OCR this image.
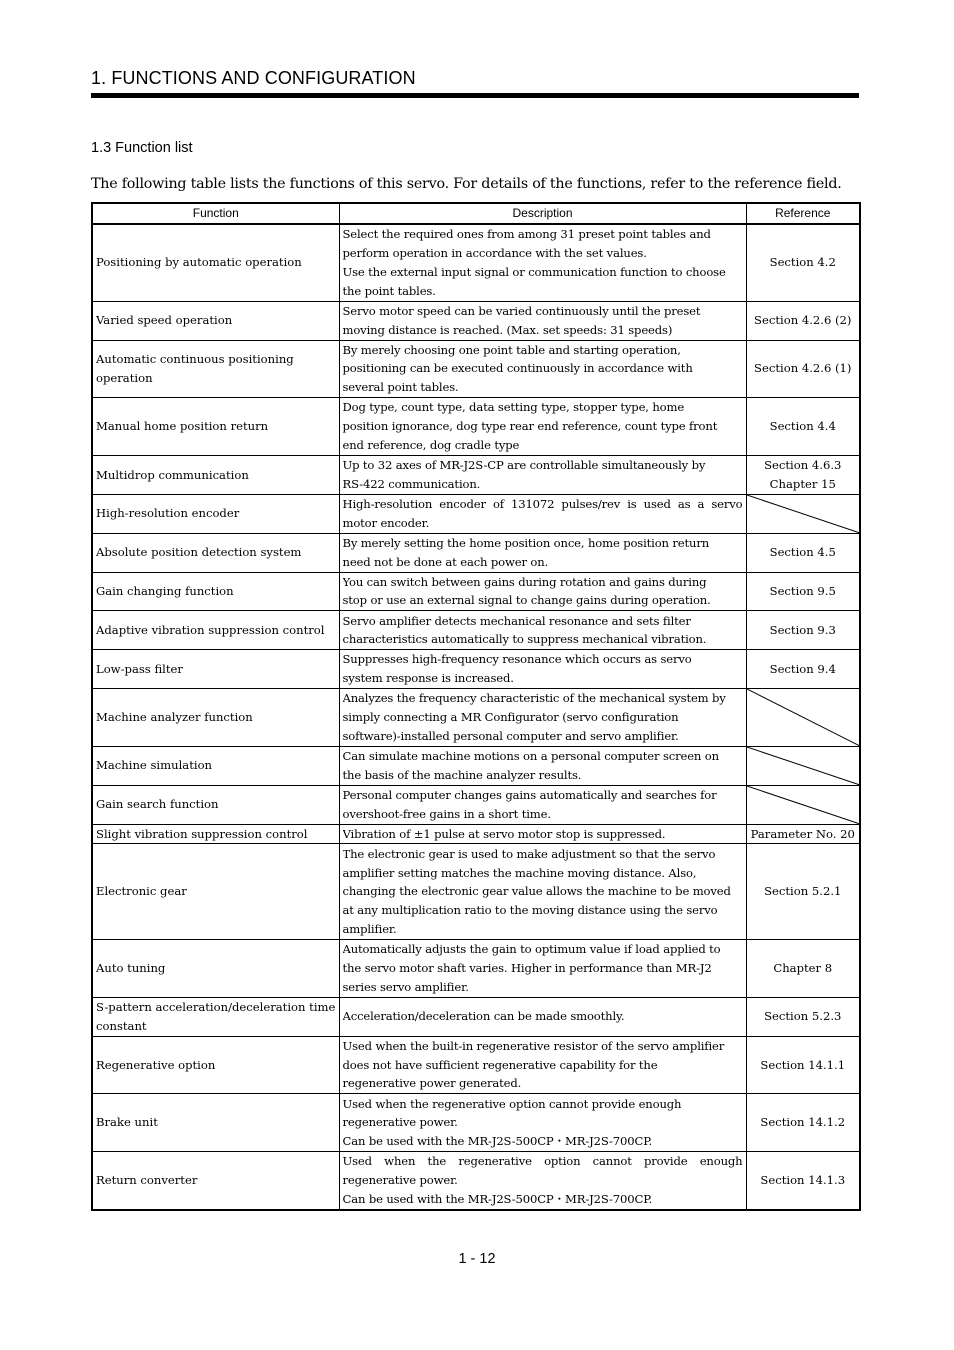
1. FUNCTIONS AND CONFIGURATION
1.3 Function list
The following table lists the functions of this servo. For details of the functions, refer to the reference field.
Function	Description	Reference
Positioning by automatic operation	Select the required ones from among 31 preset point tables and
perform operation in accordance with the set values.
Use the external input signal or communication function to choose
the point tables.	Section 4.2

Varied speed operation	Servo motor speed can be varied continuously until the preset
moving distance is reached. (Max. set speeds: 31 speeds)	Section 4.2.6 (2)

Automatic continuous positioning operation	By merely choosing one point table and starting operation,
positioning can be executed continuously in accordance with
several point tables.	Section 4.2.6 (1)

Manual home position return	Dog type, count type, data setting type, stopper type, home
position ignorance, dog type rear end reference, count type front
end reference, dog cradle type	Section 4.4

Multidrop communication	Up to 32 axes of MR-J2S-CP are controllable simultaneously by
RS-422 communication.	Section 4.6.3
Chapter 15

High-resolution encoder	High-resolution encoder of 131072 pulses/rev is used as a servo
motor encoder.

Absolute position detection system	By merely setting the home position once, home position return
need not be done at each power on.	Section 4.5

Gain changing function	You can switch between gains during rotation and gains during
stop or use an external signal to change gains during operation.	Section 9.5

Adaptive vibration suppression control	Servo amplifier detects mechanical resonance and sets filter
characteristics automatically to suppress mechanical vibration.	Section 9.3

Low-pass filter	Suppresses high-frequency resonance which occurs as servo
system response is increased.	Section 9.4

Machine analyzer function	Analyzes the frequency characteristic of the mechanical system by
simply connecting a MR Configurator (servo configuration
software)-installed personal computer and servo amplifier.

Machine simulation	Can simulate machine motions on a personal computer screen on
the basis of the machine analyzer results.

Gain search function	Personal computer changes gains automatically and searches for
overshoot-free gains in a short time.

Slight vibration suppression control	Vibration of ±1 pulse at servo motor stop is suppressed.	Parameter No. 20

Electronic gear	The electronic gear is used to make adjustment so that the servo
amplifier setting matches the machine moving distance. Also,
changing the electronic gear value allows the machine to be moved
at any multiplication ratio to the moving distance using the servo
amplifier.	Section 5.2.1

Auto tuning	Automatically adjusts the gain to optimum value if load applied to
the servo motor shaft varies. Higher in performance than MR-J2
series servo amplifier.	Chapter 8

S-pattern acceleration/deceleration time constant	Acceleration/deceleration can be made smoothly.	Section 5.2.3

Regenerative option	Used when the built-in regenerative resistor of the servo amplifier
does not have sufficient regenerative capability for the
regenerative power generated.	Section 14.1.1

Brake unit	Used when the regenerative option cannot provide enough
regenerative power.
Can be used with the MR-J2S-500CP・MR-J2S-700CP.	Section 14.1.2

Return converter	Used when the regenerative option cannot provide enough
regenerative power.
Can be used with the MR-J2S-500CP・MR-J2S-700CP.	Section 14.1.3
1 - 12
